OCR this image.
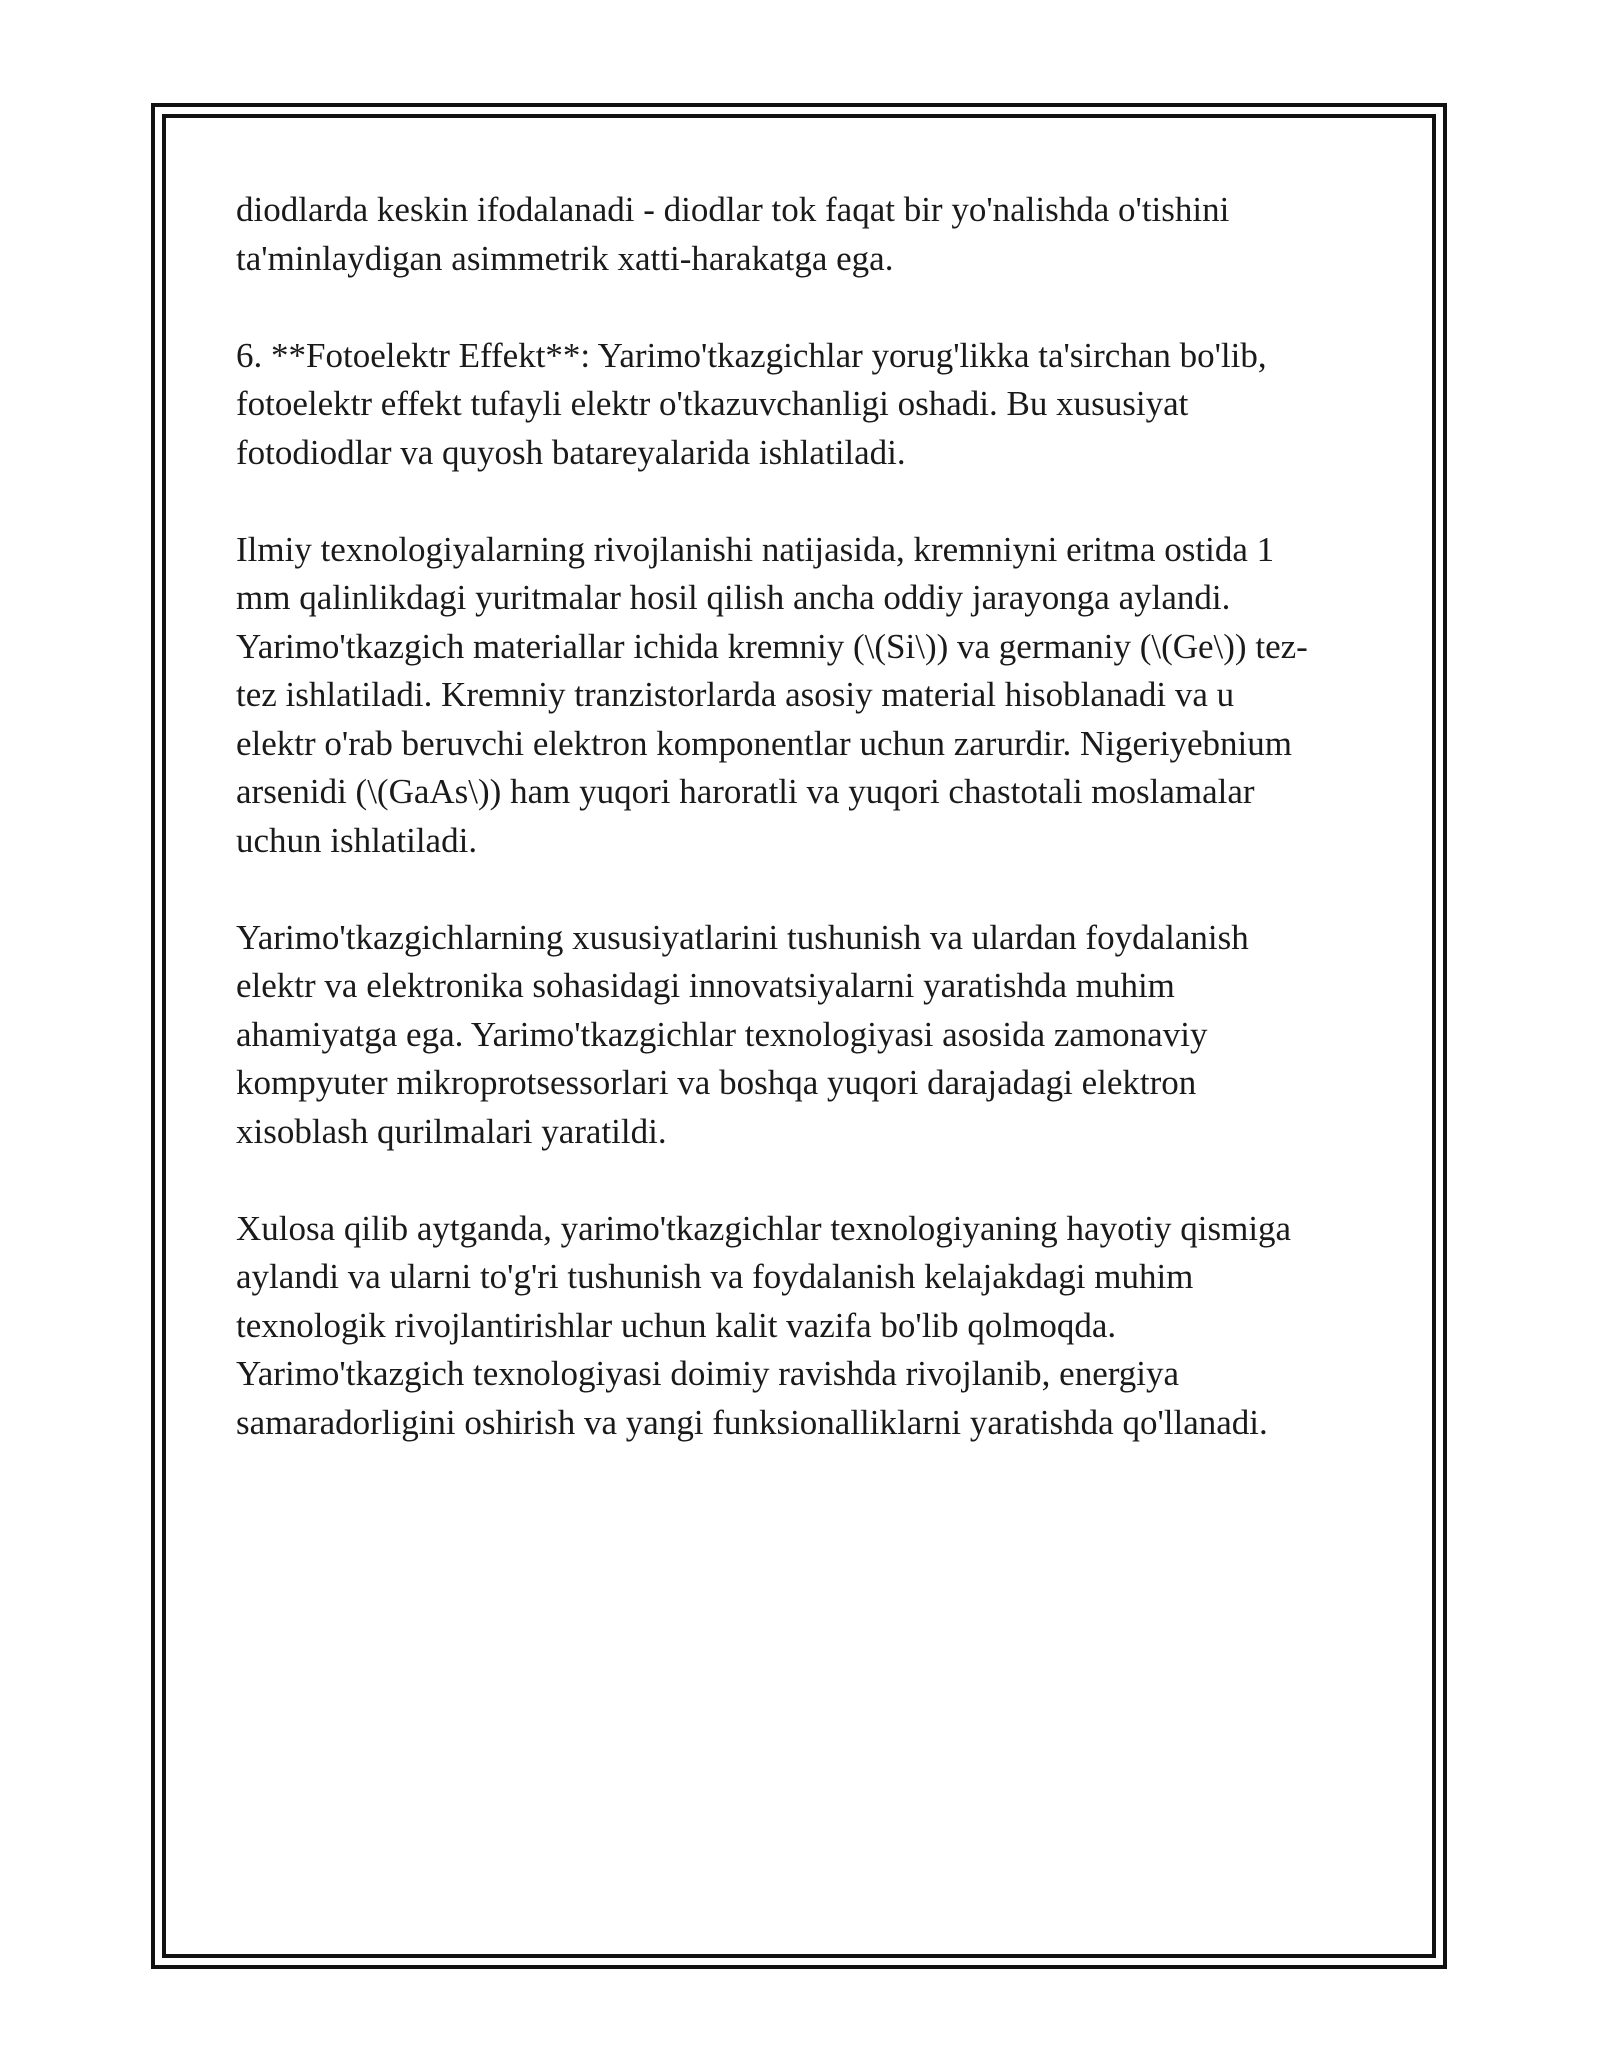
diodlarda keskin ifodalanadi - diodlar tok faqat bir yo'nalishda o'tishini
ta'minlaydigan asimmetrik xatti-harakatga ega.

6. **Fotoelektr Effekt**: Yarimo'tkazgichlar yorug'likka ta'sirchan bo'lib,
fotoelektr effekt tufayli elektr o'tkazuvchanligi oshadi. Bu xususiyat
fotodiodlar va quyosh batareyalarida ishlatiladi.

Ilmiy texnologiyalarning rivojlanishi natijasida, kremniyni eritma ostida 1
mm qalinlikdagi yuritmalar hosil qilish ancha oddiy jarayonga aylandi.
Yarimo'tkazgich materiallar ichida kremniy (\(Si\)) va germaniy (\(Ge\)) tez-
tez ishlatiladi. Kremniy tranzistorlarda asosiy material hisoblanadi va u
elektr o'rab beruvchi elektron komponentlar uchun zarurdir. Nigeriyebnium
arsenidi (\(GaAs\)) ham yuqori haroratli va yuqori chastotali moslamalar
uchun ishlatiladi.

Yarimo'tkazgichlarning xususiyatlarini tushunish va ulardan foydalanish
elektr va elektronika sohasidagi innovatsiyalarni yaratishda muhim
ahamiyatga ega. Yarimo'tkazgichlar texnologiyasi asosida zamonaviy
kompyuter mikroprotsessorlari va boshqa yuqori darajadagi elektron
xisoblash qurilmalari yaratildi.

Xulosa qilib aytganda, yarimo'tkazgichlar texnologiyaning hayotiy qismiga
aylandi va ularni to'g'ri tushunish va foydalanish kelajakdagi muhim
texnologik rivojlantirishlar uchun kalit vazifa bo'lib qolmoqda.
Yarimo'tkazgich texnologiyasi doimiy ravishda rivojlanib, energiya
samaradorligini oshirish va yangi funksionalliklarni yaratishda qo'llanadi.
